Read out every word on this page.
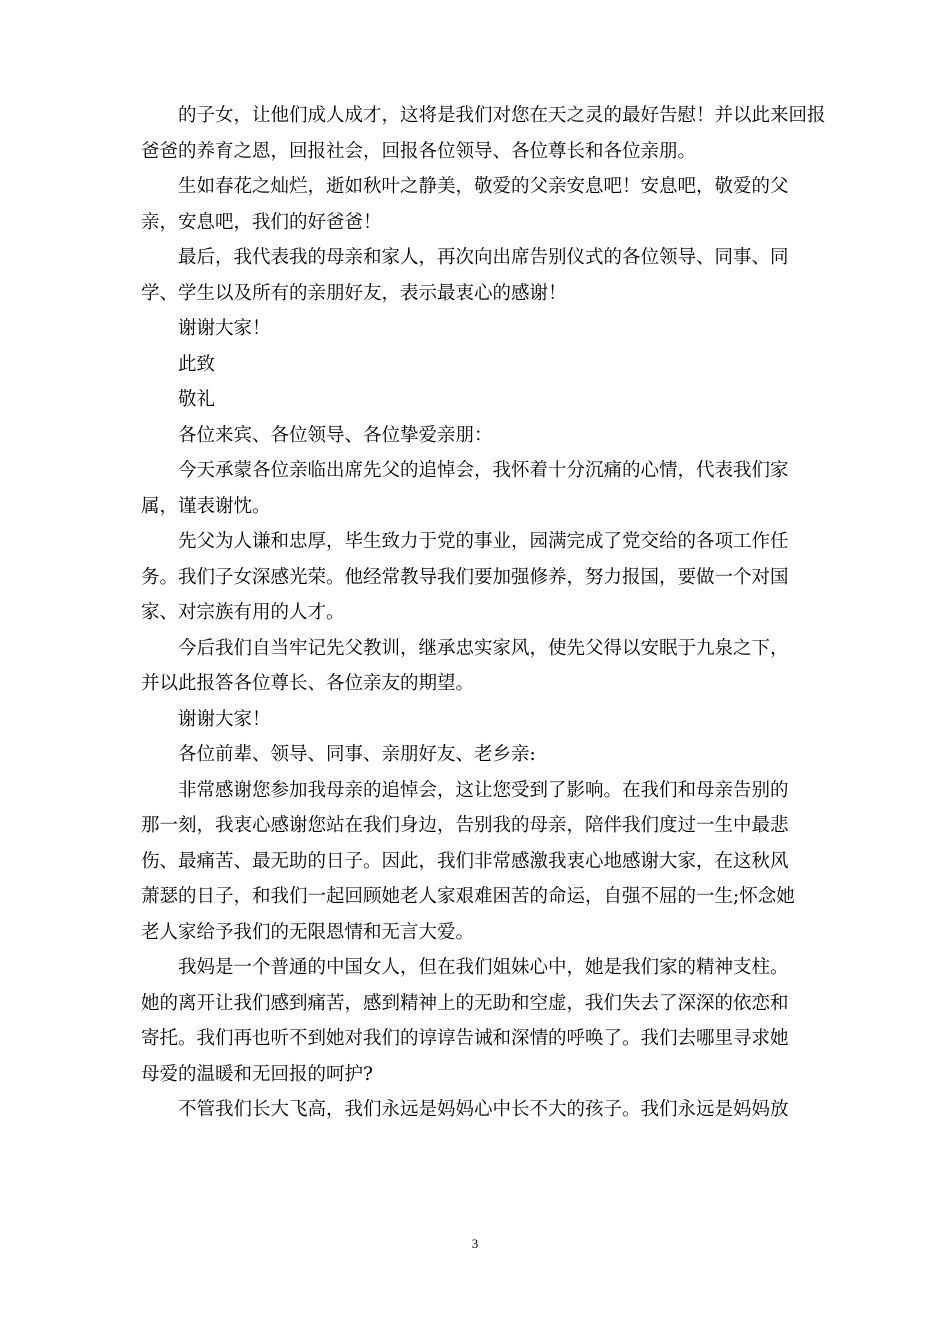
的子女，让他们成人成才，这将是我们对您在天之灵的最好告慰！并以此来回报
爸爸的养育之恩，回报社会，回报各位领导、各位尊长和各位亲朋。
生如春花之灿烂，逝如秋叶之静美，敬爱的父亲安息吧！安息吧，敬爱的父
亲，安息吧，我们的好爸爸！
最后，我代表我的母亲和家人，再次向出席告别仪式的各位领导、同事、同
学、学生以及所有的亲朋好友，表示最衷心的感谢！
谢谢大家！
此致
敬礼
各位来宾、各位领导、各位挚爱亲朋：
今天承蒙各位亲临出席先父的追悼会，我怀着十分沉痛的心情，代表我们家
属，谨表谢忱。
先父为人谦和忠厚，毕生致力于党的事业，园满完成了党交给的各项工作任
务。我们子女深感光荣。他经常教导我们要加强修养，努力报国，要做一个对国
家、对宗族有用的人才。
今后我们自当牢记先父教训，继承忠实家风，使先父得以安眠于九泉之下，
并以此报答各位尊长、各位亲友的期望。
谢谢大家！
各位前辈、领导、同事、亲朋好友、老乡亲:
非常感谢您参加我母亲的追悼会，这让您受到了影响。在我们和母亲告别的
那一刻，我衷心感谢您站在我们身边，告别我的母亲，陪伴我们度过一生中最悲
伤、最痛苦、最无助的日子。因此，我们非常感激我衷心地感谢大家，在这秋风
萧瑟的日子，和我们一起回顾她老人家艰难困苦的命运，自强不屈的一生;怀念她
老人家给予我们的无限恩情和无言大爱。
我妈是一个普通的中国女人，但在我们姐妹心中，她是我们家的精神支柱。
她的离开让我们感到痛苦，感到精神上的无助和空虚，我们失去了深深的依恋和
寄托。我们再也听不到她对我们的谆谆告诫和深情的呼唤了。我们去哪里寻求她
母爱的温暖和无回报的呵护?
不管我们长大飞高，我们永远是妈妈心中长不大的孩子。我们永远是妈妈放
3
